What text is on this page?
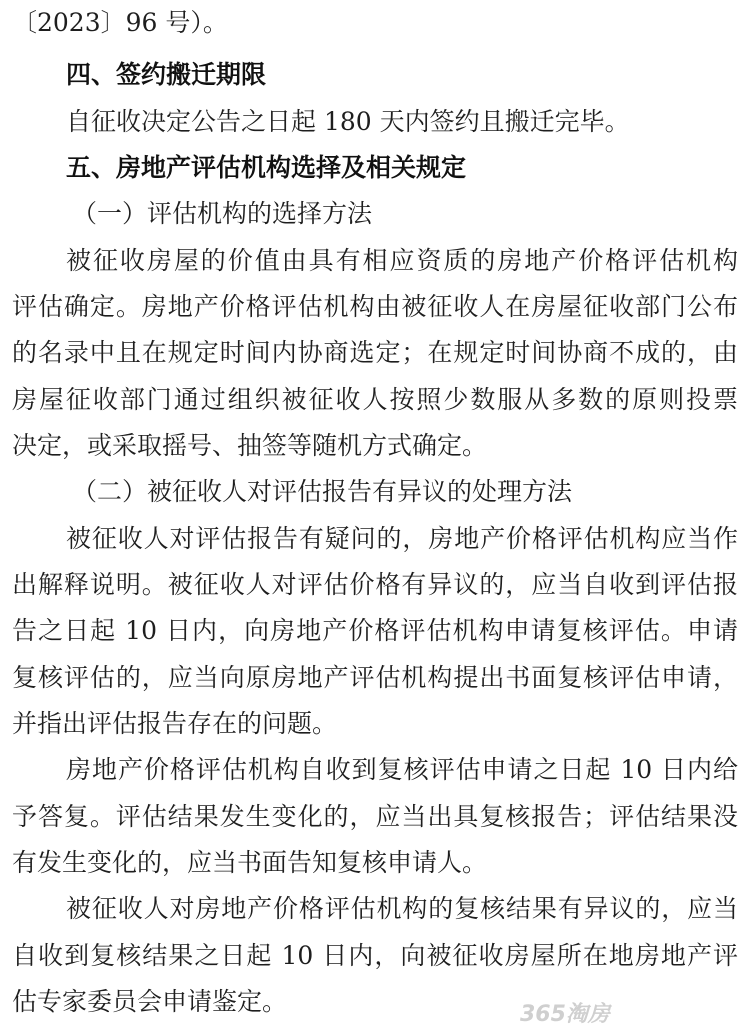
〔2023〕96 号）。
四、签约搬迁期限
自征收决定公告之日起 180 天内签约且搬迁完毕。
五、房地产评估机构选择及相关规定
（一）评估机构的选择方法
被征收房屋的价值由具有相应资质的房地产价格评估机构
评估确定。房地产价格评估机构由被征收人在房屋征收部门公布
的名录中且在规定时间内协商选定；在规定时间协商不成的，由
房屋征收部门通过组织被征收人按照少数服从多数的原则投票
决定，或采取摇号、抽签等随机方式确定。
（二）被征收人对评估报告有异议的处理方法
被征收人对评估报告有疑问的，房地产价格评估机构应当作
出解释说明。被征收人对评估价格有异议的，应当自收到评估报
告之日起 10 日内，向房地产价格评估机构申请复核评估。申请
复核评估的，应当向原房地产评估机构提出书面复核评估申请，
并指出评估报告存在的问题。
房地产价格评估机构自收到复核评估申请之日起 10 日内给
予答复。评估结果发生变化的，应当出具复核报告；评估结果没
有发生变化的，应当书面告知复核申请人。
被征收人对房地产价格评估机构的复核结果有异议的，应当
自收到复核结果之日起 10 日内，向被征收房屋所在地房地产评
估专家委员会申请鉴定。	365淘房
